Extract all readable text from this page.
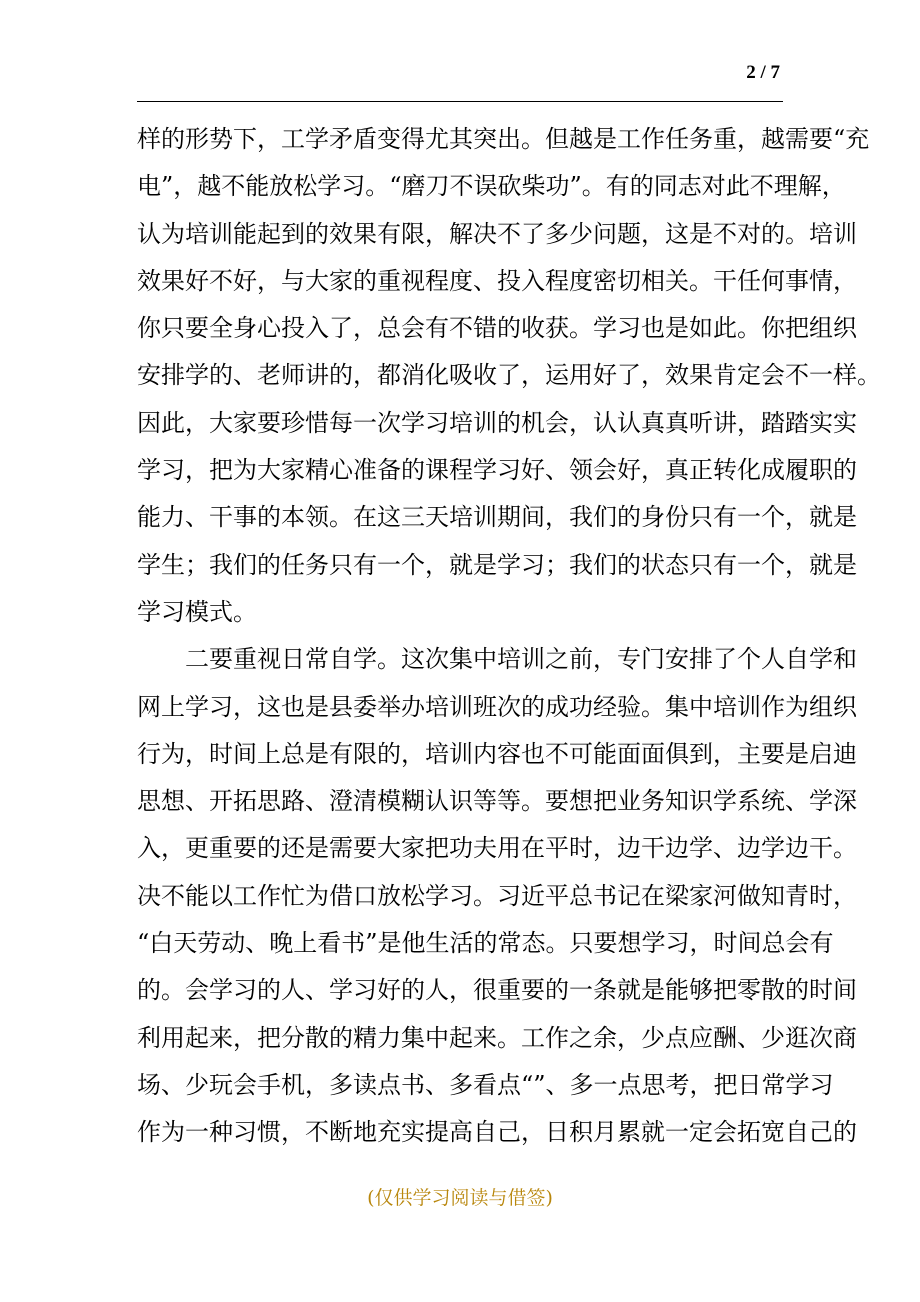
2 / 7
样的形势下，工学矛盾变得尤其突出。但越是工作任务重，越需要“充
电”，越不能放松学习。“磨刀不误砍柴功”。有的同志对此不理解，
认为培训能起到的效果有限，解决不了多少问题，这是不对的。培训
效果好不好，与大家的重视程度、投入程度密切相关。干任何事情，
你只要全身心投入了，总会有不错的收获。学习也是如此。你把组织
安排学的、老师讲的，都消化吸收了，运用好了，效果肯定会不一样。
因此，大家要珍惜每一次学习培训的机会，认认真真听讲，踏踏实实
学习，把为大家精心准备的课程学习好、领会好，真正转化成履职的
能力、干事的本领。在这三天培训期间，我们的身份只有一个，就是
学生；我们的任务只有一个，就是学习；我们的状态只有一个，就是
学习模式。
二要重视日常自学。这次集中培训之前，专门安排了个人自学和
网上学习，这也是县委举办培训班次的成功经验。集中培训作为组织
行为，时间上总是有限的，培训内容也不可能面面俱到，主要是启迪
思想、开拓思路、澄清模糊认识等等。要想把业务知识学系统、学深
入，更重要的还是需要大家把功夫用在平时，边干边学、边学边干。
决不能以工作忙为借口放松学习。习近平总书记在梁家河做知青时，
“白天劳动、晚上看书”是他生活的常态。只要想学习，时间总会有
的。会学习的人、学习好的人，很重要的一条就是能够把零散的时间
利用起来，把分散的精力集中起来。工作之余，少点应酬、少逛次商
场、少玩会手机，多读点书、多看点“”、多一点思考，把日常学习
作为一种习惯，不断地充实提高自己，日积月累就一定会拓宽自己的
(仅供学习阅读与借签)
